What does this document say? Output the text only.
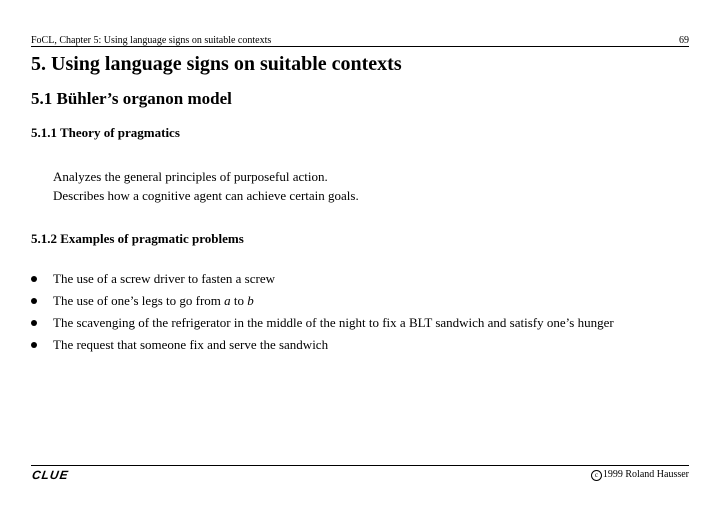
FoCL, Chapter 5: Using language signs on suitable contexts	69
5. Using language signs on suitable contexts
5.1 Bühler’s organon model
5.1.1 Theory of pragmatics
Analyzes the general principles of purposeful action.
Describes how a cognitive agent can achieve certain goals.
5.1.2 Examples of pragmatic problems
The use of a screw driver to fasten a screw
The use of one’s legs to go from a to b
The scavenging of the refrigerator in the middle of the night to fix a BLT sandwich and satisfy one’s hunger
The request that someone fix and serve the sandwich
CLUE	c 1999 Roland Hausser
